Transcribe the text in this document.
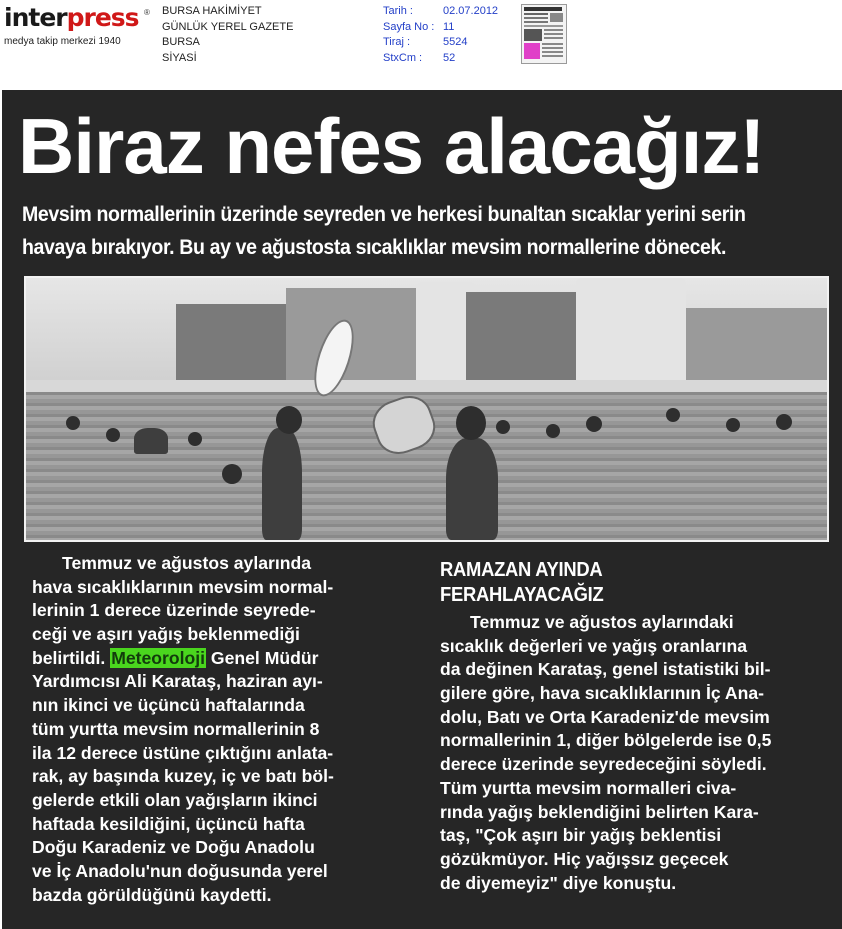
interpress ®
medya takip merkezi 1940
BURSA HAKİMİYET
GÜNLÜK YEREL GAZETE
BURSA
SİYASİ
Tarih :
Sayfa No :
Tiraj :
StxCm :
02.07.2012
11
5524
52
Biraz nefes alacağız!
Mevsim normallerinin üzerinde seyreden ve herkesi bunaltan sıcaklar yerini serin
havaya bırakıyor. Bu ay ve ağustosta sıcaklıklar mevsim normallerine dönecek.
Temmuz ve ağustos aylarında
hava sıcaklıklarının mevsim normal-
lerinin 1 derece üzerinde seyrede-
ceği ve aşırı yağış beklenmediği
belirtildi. Meteoroloji Genel Müdür
Yardımcısı Ali Karataş, haziran ayı-
nın ikinci ve üçüncü haftalarında
tüm yurtta mevsim normallerinin 8
ila 12 derece üstüne çıktığını anlata-
rak, ay başında kuzey, iç ve batı böl-
gelerde etkili olan yağışların ikinci
haftada kesildiğini, üçüncü hafta
Doğu Karadeniz ve Doğu Anadolu
ve İç Anadolu'nun doğusunda yerel
bazda görüldüğünü kaydetti.
RAMAZAN AYINDA
FERAHLAYACAĞIZ
Temmuz ve ağustos aylarındaki
sıcaklık değerleri ve yağış oranlarına
da değinen Karataş, genel istatistiki bil-
gilere göre, hava sıcaklıklarının İç Ana-
dolu, Batı ve Orta Karadeniz'de mevsim
normallerinin 1, diğer bölgelerde ise 0,5
derece üzerinde seyredeceğini söyledi.
Tüm yurtta mevsim normalleri civa-
rında yağış beklendiğini belirten Kara-
taş, "Çok aşırı bir yağış beklentisi
gözükmüyor. Hiç yağışsız geçecek
de diyemeyiz" diye konuştu.
